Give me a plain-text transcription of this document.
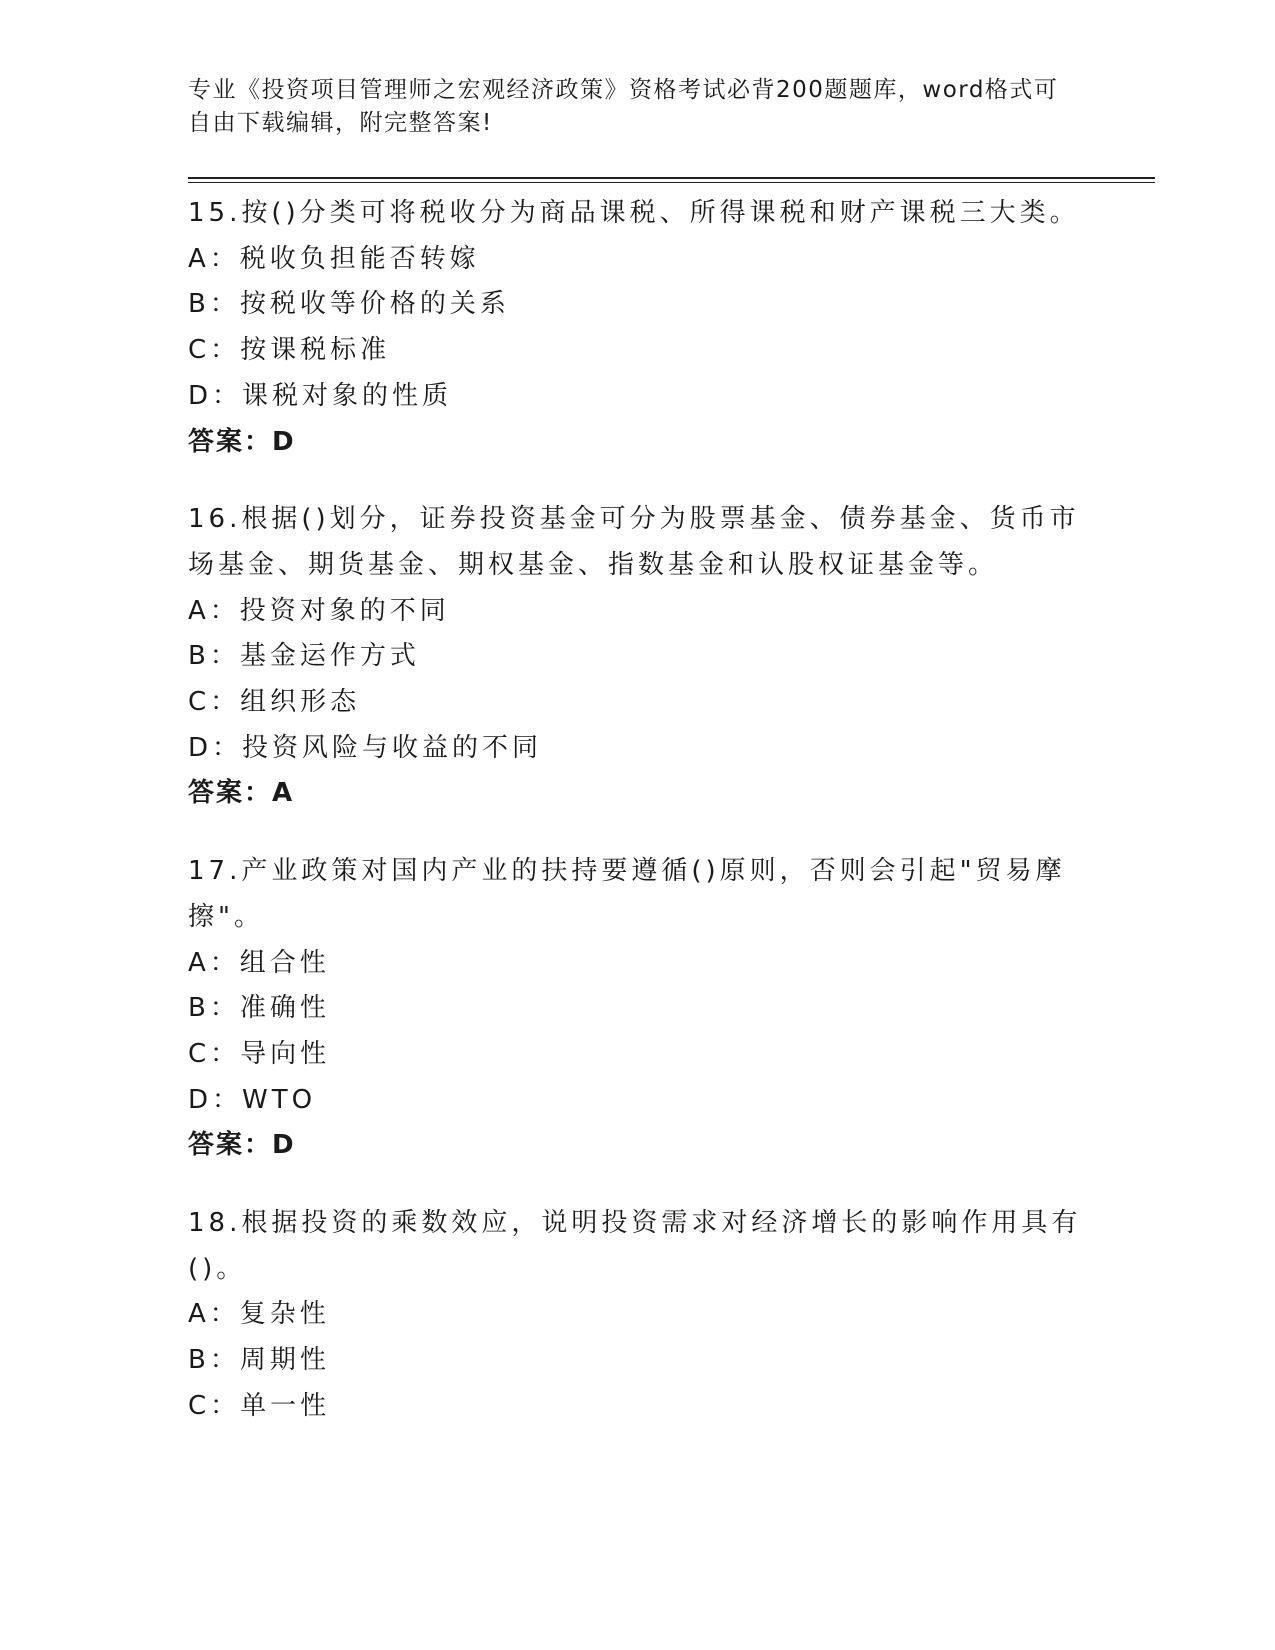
专业《投资项目管理师之宏观经济政策》资格考试必背200题题库，word格式可
自由下载编辑，附完整答案!
15.按()分类可将税收分为商品课税、所得课税和财产课税三大类。
A：税收负担能否转嫁
B：按税收等价格的关系
C：按课税标准
D：课税对象的性质
答案：D
16.根据()划分，证券投资基金可分为股票基金、债券基金、货币市场基金、期货基金、期权基金、指数基金和认股权证基金等。
A：投资对象的不同
B：基金运作方式
C：组织形态
D：投资风险与收益的不同
答案：A
17.产业政策对国内产业的扶持要遵循()原则，否则会引起"贸易摩擦"。
A：组合性
B：准确性
C：导向性
D：WTO
答案：D
18.根据投资的乘数效应，说明投资需求对经济增长的影响作用具有()。
A：复杂性
B：周期性
C：单一性
